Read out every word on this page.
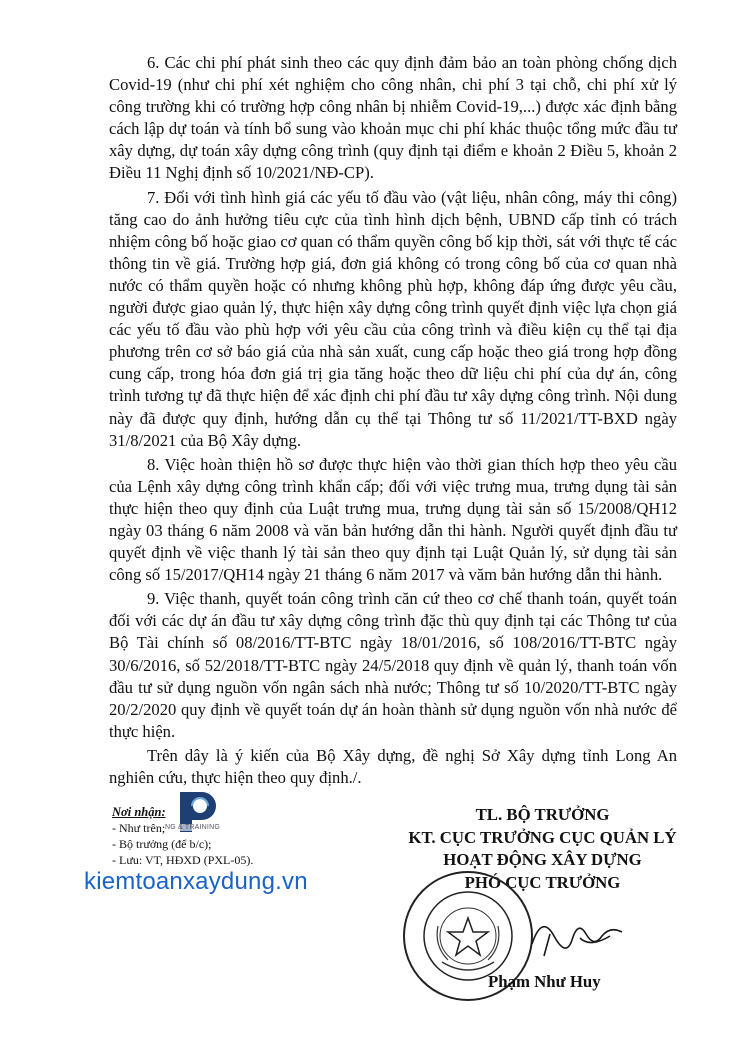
6. Các chi phí phát sinh theo các quy định đảm bảo an toàn phòng chống dịch Covid-19 (như chi phí xét nghiệm cho công nhân, chi phí 3 tại chỗ, chi phí xử lý công trường khi có trường hợp công nhân bị nhiễm Covid-19,...) được xác định bằng cách lập dự toán và tính bổ sung vào khoản mục chi phí khác thuộc tổng mức đầu tư xây dựng, dự toán xây dựng công trình (quy định tại điểm e khoản 2 Điều 5, khoản 2 Điều 11 Nghị định số 10/2021/NĐ-CP).

7. Đối với tình hình giá các yếu tố đầu vào (vật liệu, nhân công, máy thi công) tăng cao do ảnh hưởng tiêu cực của tình hình dịch bệnh, UBND cấp tỉnh có trách nhiệm công bố hoặc giao cơ quan có thẩm quyền công bố kịp thời, sát với thực tế các thông tin về giá. Trường hợp giá, đơn giá không có trong công bố của cơ quan nhà nước có thẩm quyền hoặc có nhưng không phù hợp, không đáp ứng được yêu cầu, người được giao quản lý, thực hiện xây dựng công trình quyết định việc lựa chọn giá các yếu tố đầu vào phù hợp với yêu cầu của công trình và điều kiện cụ thể tại địa phương trên cơ sở báo giá của nhà sản xuất, cung cấp hoặc theo giá trong hợp đồng cung cấp, trong hóa đơn giá trị gia tăng hoặc theo dữ liệu chi phí của dự án, công trình tương tự đã thực hiện để xác định chi phí đầu tư xây dựng công trình. Nội dung này đã được quy định, hướng dẫn cụ thể tại Thông tư số 11/2021/TT-BXD ngày 31/8/2021 của Bộ Xây dựng.

8. Việc hoàn thiện hồ sơ được thực hiện vào thời gian thích hợp theo yêu cầu của Lệnh xây dựng công trình khẩn cấp; đối với việc trưng mua, trưng dụng tài sản thực hiện theo quy định của Luật trưng mua, trưng dụng tài sản số 15/2008/QH12 ngày 03 tháng 6 năm 2008 và văn bản hướng dẫn thi hành. Người quyết định đầu tư quyết định về việc thanh lý tài sản theo quy định tại Luật Quản lý, sử dụng tài sản công số 15/2017/QH14 ngày 21 tháng 6 năm 2017 và văm bản hướng dẫn thi hành.

9. Việc thanh, quyết toán công trình căn cứ theo cơ chế thanh toán, quyết toán đối với các dự án đầu tư xây dựng công trình đặc thù quy định tại các Thông tư của Bộ Tài chính số 08/2016/TT-BTC ngày 18/01/2016, số 108/2016/TT-BTC ngày 30/6/2016, số 52/2018/TT-BTC ngày 24/5/2018 quy định về quản lý, thanh toán vốn đầu tư sử dụng nguồn vốn ngân sách nhà nước; Thông tư số 10/2020/TT-BTC ngày 20/2/2020 quy định về quyết toán dự án hoàn thành sử dụng nguồn vốn nhà nước để thực hiện.

Trên dây là ý kiến của Bộ Xây dựng, đề nghị Sở Xây dựng tỉnh Long An nghiên cứu, thực hiện theo quy định./.

Nơi nhận:
- Như trên;
- Bộ trưởng (để b/c);
- Lưu: VT, HĐXD (PXL-05).
NG & TRAINING
kiemtoanxaydung.vn
TL. BỘ TRƯỞNG
KT. CỤC TRƯỞNG CỤC QUẢN LÝ
HOẠT ĐỘNG XÂY DỰNG
PHÓ CỤC TRƯỞNG
Phạm Như Huy
